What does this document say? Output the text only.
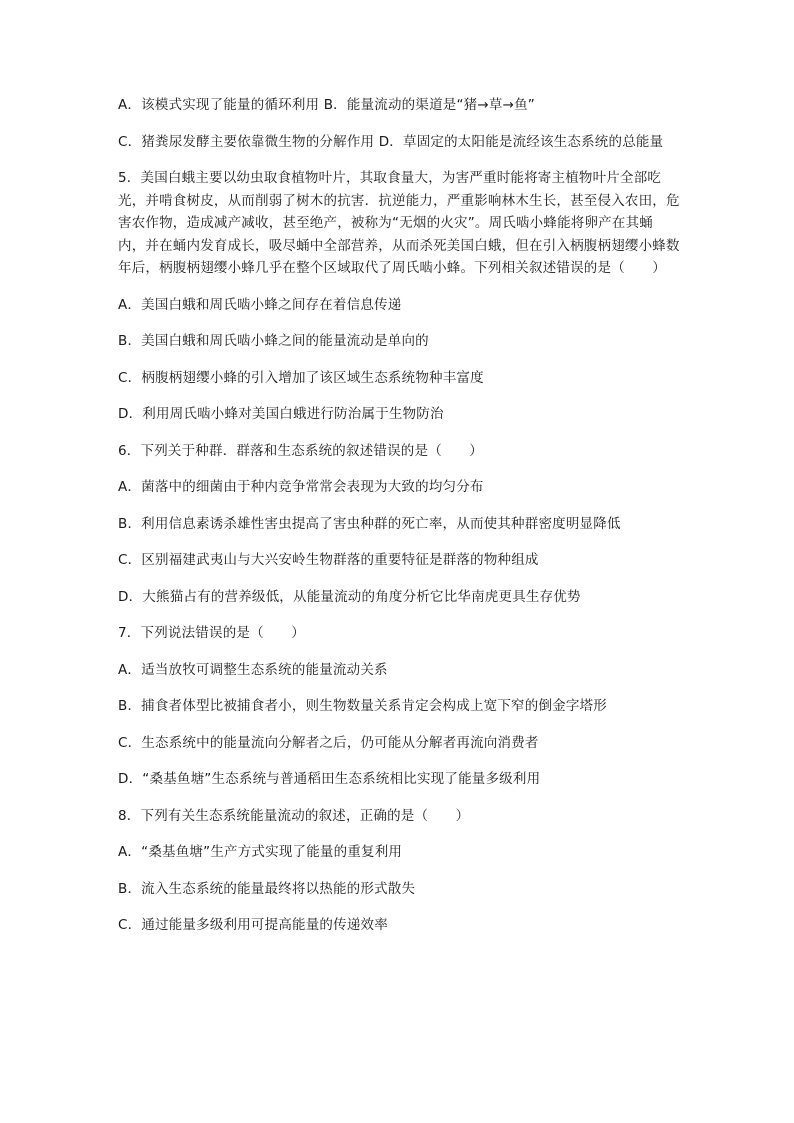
A．该模式实现了能量的循环利用 B．能量流动的渠道是“猪→草→鱼”

C．猪粪尿发酵主要依靠微生物的分解作用 D．草固定的太阳能是流经该生态系统的总能量

5．美国白蛾主要以幼虫取食植物叶片，其取食量大，为害严重时能将寄主植物叶片全部吃光，并啃食树皮，从而削弱了树木的抗害．抗逆能力，严重影响林木生长，甚至侵入农田，危害农作物，造成减产减收，甚至绝产，被称为“无烟的火灾”。周氏啮小蜂能将卵产在其蛹内，并在蛹内发育成长，吸尽蛹中全部营养，从而杀死美国白蛾，但在引入柄腹柄翅缨小蜂数年后，柄腹柄翅缨小蜂几乎在整个区域取代了周氏啮小蜂。下列相关叙述错误的是（　　）

A．美国白蛾和周氏啮小蜂之间存在着信息传递

B．美国白蛾和周氏啮小蜂之间的能量流动是单向的

C．柄腹柄翅缨小蜂的引入增加了该区域生态系统物种丰富度

D．利用周氏啮小蜂对美国白蛾进行防治属于生物防治

6．下列关于种群．群落和生态系统的叙述错误的是（　　）

A．菌落中的细菌由于种内竞争常常会表现为大致的均匀分布

B．利用信息素诱杀雄性害虫提高了害虫种群的死亡率，从而使其种群密度明显降低

C．区别福建武夷山与大兴安岭生物群落的重要特征是群落的物种组成

D．大熊猫占有的营养级低，从能量流动的角度分析它比华南虎更具生存优势

7．下列说法错误的是（　　）

A．适当放牧可调整生态系统的能量流动关系

B．捕食者体型比被捕食者小，则生物数量关系肯定会构成上宽下窄的倒金字塔形

C．生态系统中的能量流向分解者之后，仍可能从分解者再流向消费者

D．“桑基鱼塘”生态系统与普通稻田生态系统相比实现了能量多级利用

8．下列有关生态系统能量流动的叙述，正确的是（　　）

A．“桑基鱼塘”生产方式实现了能量的重复利用

B．流入生态系统的能量最终将以热能的形式散失

C．通过能量多级利用可提高能量的传递效率
